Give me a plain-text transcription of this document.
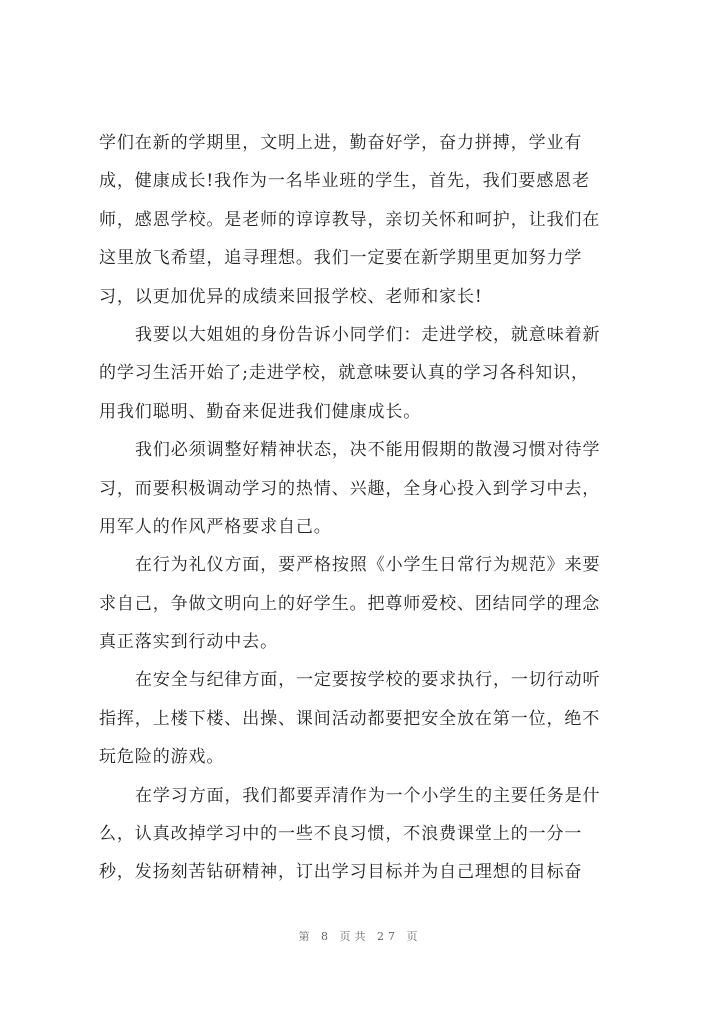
学们在新的学期里，文明上进，勤奋好学，奋力拼搏，学业有
成，健康成长!我作为一名毕业班的学生，首先，我们要感恩老
师，感恩学校。是老师的谆谆教导，亲切关怀和呵护，让我们在
这里放飞希望，追寻理想。我们一定要在新学期里更加努力学
习，以更加优异的成绩来回报学校、老师和家长!
我要以大姐姐的身份告诉小同学们：走进学校，就意味着新
的学习生活开始了;走进学校，就意味要认真的学习各科知识，
用我们聪明、勤奋来促进我们健康成长。
我们必须调整好精神状态，决不能用假期的散漫习惯对待学
习，而要积极调动学习的热情、兴趣，全身心投入到学习中去，
用军人的作风严格要求自己。
在行为礼仪方面，要严格按照《小学生日常行为规范》来要
求自己，争做文明向上的好学生。把尊师爱校、团结同学的理念
真正落实到行动中去。
在安全与纪律方面，一定要按学校的要求执行，一切行动听
指挥，上楼下楼、出操、课间活动都要把安全放在第一位，绝不
玩危险的游戏。
在学习方面，我们都要弄清作为一个小学生的主要任务是什
么，认真改掉学习中的一些不良习惯，不浪费课堂上的一分一
秒，发扬刻苦钻研精神，订出学习目标并为自己理想的目标奋
第 8 页共 27 页
